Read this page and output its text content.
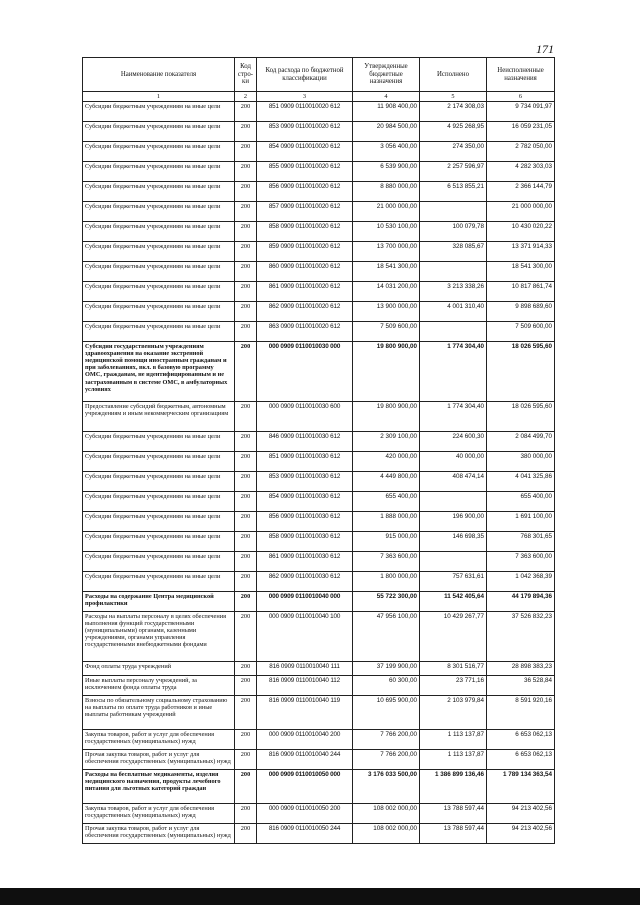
171
Наименование показателя	Код стро-ки	Код расхода по бюджетной классификации	Утвержденные бюджетные назначения	Исполнено	Неисполненные назначения
1	2	3	4	5	6
Субсидии бюджетным учреждениям на иные цели	200	851 0909 0110010020 612	11 908 400,00	2 174 308,03	9 734 091,97
Субсидии бюджетным учреждениям на иные цели	200	853 0909 0110010020 612	20 984 500,00	4 925 268,95	16 059 231,05
Субсидии бюджетным учреждениям на иные цели	200	854 0909 0110010020 612	3 056 400,00	274 350,00	2 782 050,00
Субсидии бюджетным учреждениям на иные цели	200	855 0909 0110010020 612	6 539 900,00	2 257 596,97	4 282 303,03
Субсидии бюджетным учреждениям на иные цели	200	856 0909 0110010020 612	8 880 000,00	6 513 855,21	2 366 144,79
Субсидии бюджетным учреждениям на иные цели	200	857 0909 0110010020 612	21 000 000,00		21 000 000,00
Субсидии бюджетным учреждениям на иные цели	200	858 0909 0110010020 612	10 530 100,00	100 079,78	10 430 020,22
Субсидии бюджетным учреждениям на иные цели	200	859 0909 0110010020 612	13 700 000,00	328 085,67	13 371 914,33
Субсидии бюджетным учреждениям на иные цели	200	860 0909 0110010020 612	18 541 300,00		18 541 300,00
Субсидии бюджетным учреждениям на иные цели	200	861 0909 0110010020 612	14 031 200,00	3 213 338,26	10 817 861,74
Субсидии бюджетным учреждениям на иные цели	200	862 0909 0110010020 612	13 900 000,00	4 001 310,40	9 898 689,60
Субсидии бюджетным учреждениям на иные цели	200	863 0909 0110010020 612	7 509 600,00		7 509 600,00
Субсидии государственным учреждениям здравоохранения на оказание экстренной медицинской помощи иностранным гражданам и при заболеваниях, вкл. в базовую программу ОМС, гражданам, не идентифицированным и не застрахованным в системе ОМС, в амбулаторных условиях	200	000 0909 0110010030 000	19 800 900,00	1 774 304,40	18 026 595,60
Предоставление субсидий бюджетным, автономным учреждениям и иным некоммерческим организациям	200	000 0909 0110010030 600	19 800 900,00	1 774 304,40	18 026 595,60
Субсидии бюджетным учреждениям на иные цели	200	846 0909 0110010030 612	2 309 100,00	224 600,30	2 084 499,70
Субсидии бюджетным учреждениям на иные цели	200	851 0909 0110010030 612	420 000,00	40 000,00	380 000,00
Субсидии бюджетным учреждениям на иные цели	200	853 0909 0110010030 612	4 449 800,00	408 474,14	4 041 325,86
Субсидии бюджетным учреждениям на иные цели	200	854 0909 0110010030 612	655 400,00		655 400,00
Субсидии бюджетным учреждениям на иные цели	200	856 0909 0110010030 612	1 888 000,00	196 900,00	1 691 100,00
Субсидии бюджетным учреждениям на иные цели	200	858 0909 0110010030 612	915 000,00	146 698,35	768 301,65
Субсидии бюджетным учреждениям на иные цели	200	861 0909 0110010030 612	7 363 600,00		7 363 600,00
Субсидии бюджетным учреждениям на иные цели	200	862 0909 0110010030 612	1 800 000,00	757 631,61	1 042 368,39
Расходы на содержание Центра медицинской профилактики	200	000 0909 0110010040 000	55 722 300,00	11 542 405,64	44 179 894,36
Расходы на выплаты персоналу в целях обеспечения выполнения функций государственными (муниципальными) органами, казенными учреждениями, органами управления государственными внебюджетными фондами	200	000 0909 0110010040 100	47 956 100,00	10 429 267,77	37 526 832,23
Фонд оплаты труда учреждений	200	816 0909 0110010040 111	37 199 900,00	8 301 516,77	28 898 383,23
Иные выплаты персоналу учреждений, за исключением фонда оплаты труда	200	816 0909 0110010040 112	60 300,00	23 771,16	36 528,84
Взносы по обязательному социальному страхованию на выплаты по оплате труда работников и иные выплаты работникам учреждений	200	816 0909 0110010040 119	10 695 900,00	2 103 979,84	8 591 920,16
Закупка товаров, работ и услуг для обеспечения государственных (муниципальных) нужд	200	000 0909 0110010040 200	7 766 200,00	1 113 137,87	6 653 062,13
Прочая закупка товаров, работ и услуг для обеспечения государственных (муниципальных) нужд	200	816 0909 0110010040 244	7 766 200,00	1 113 137,87	6 653 062,13
Расходы на бесплатные медикаменты, изделия медицинского назначения, продукты лечебного питания для льготных категорий граждан	200	000 0909 0110010050 000	3 176 033 500,00	1 386 899 136,46	1 789 134 363,54
Закупка товаров, работ и услуг для обеспечения государственных (муниципальных) нужд	200	000 0909 0110010050 200	108 002 000,00	13 788 597,44	94 213 402,56
Прочая закупка товаров, работ и услуг для обеспечения государственных (муниципальных) нужд	200	816 0909 0110010050 244	108 002 000,00	13 788 597,44	94 213 402,56
